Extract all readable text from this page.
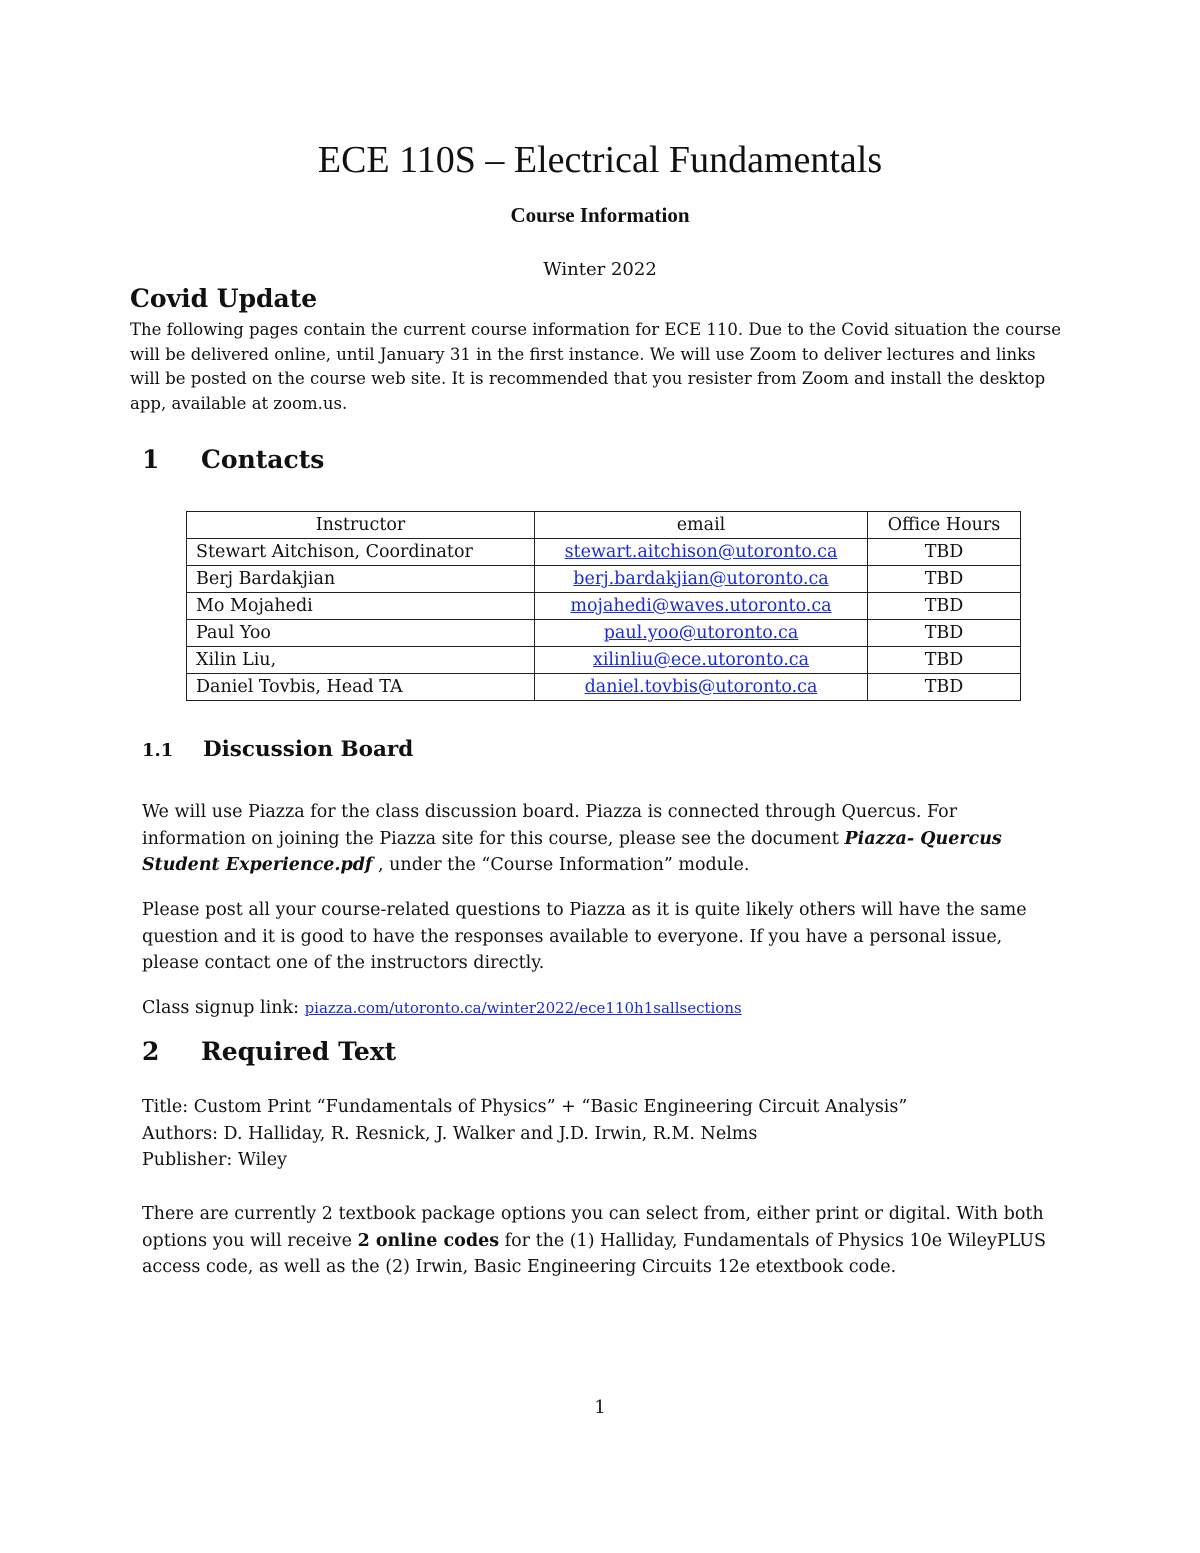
ECE 110S – Electrical Fundamentals
Course Information
Winter 2022
Covid Update
The following pages contain the current course information for ECE 110. Due to the Covid situation the course will be delivered online, until January 31 in the first instance. We will use Zoom to deliver lectures and links will be posted on the course web site. It is recommended that you resister from Zoom and install the desktop app, available at zoom.us.
1 Contacts
Instructor	email	Office Hours
Stewart Aitchison, Coordinator	stewart.aitchison@utoronto.ca	TBD
Berj Bardakjian	berj.bardakjian@utoronto.ca	TBD
Mo Mojahedi	mojahedi@waves.utoronto.ca	TBD
Paul Yoo	paul.yoo@utoronto.ca	TBD
Xilin Liu,	xilinliu@ece.utoronto.ca	TBD
Daniel Tovbis, Head TA	daniel.tovbis@utoronto.ca	TBD
1.1 Discussion Board
We will use Piazza for the class discussion board. Piazza is connected through Quercus. For information on joining the Piazza site for this course, please see the document Piazza- Quercus Student Experience.pdf , under the “Course Information” module.
Please post all your course-related questions to Piazza as it is quite likely others will have the same question and it is good to have the responses available to everyone. If you have a personal issue, please contact one of the instructors directly.
Class signup link: piazza.com/utoronto.ca/winter2022/ece110h1sallsections
2 Required Text
Title: Custom Print “Fundamentals of Physics” + “Basic Engineering Circuit Analysis”
Authors: D. Halliday, R. Resnick, J. Walker and J.D. Irwin, R.M. Nelms
Publisher: Wiley
There are currently 2 textbook package options you can select from, either print or digital. With both options you will receive 2 online codes for the (1) Halliday, Fundamentals of Physics 10e WileyPLUS access code, as well as the (2) Irwin, Basic Engineering Circuits 12e etextbook code.
1
